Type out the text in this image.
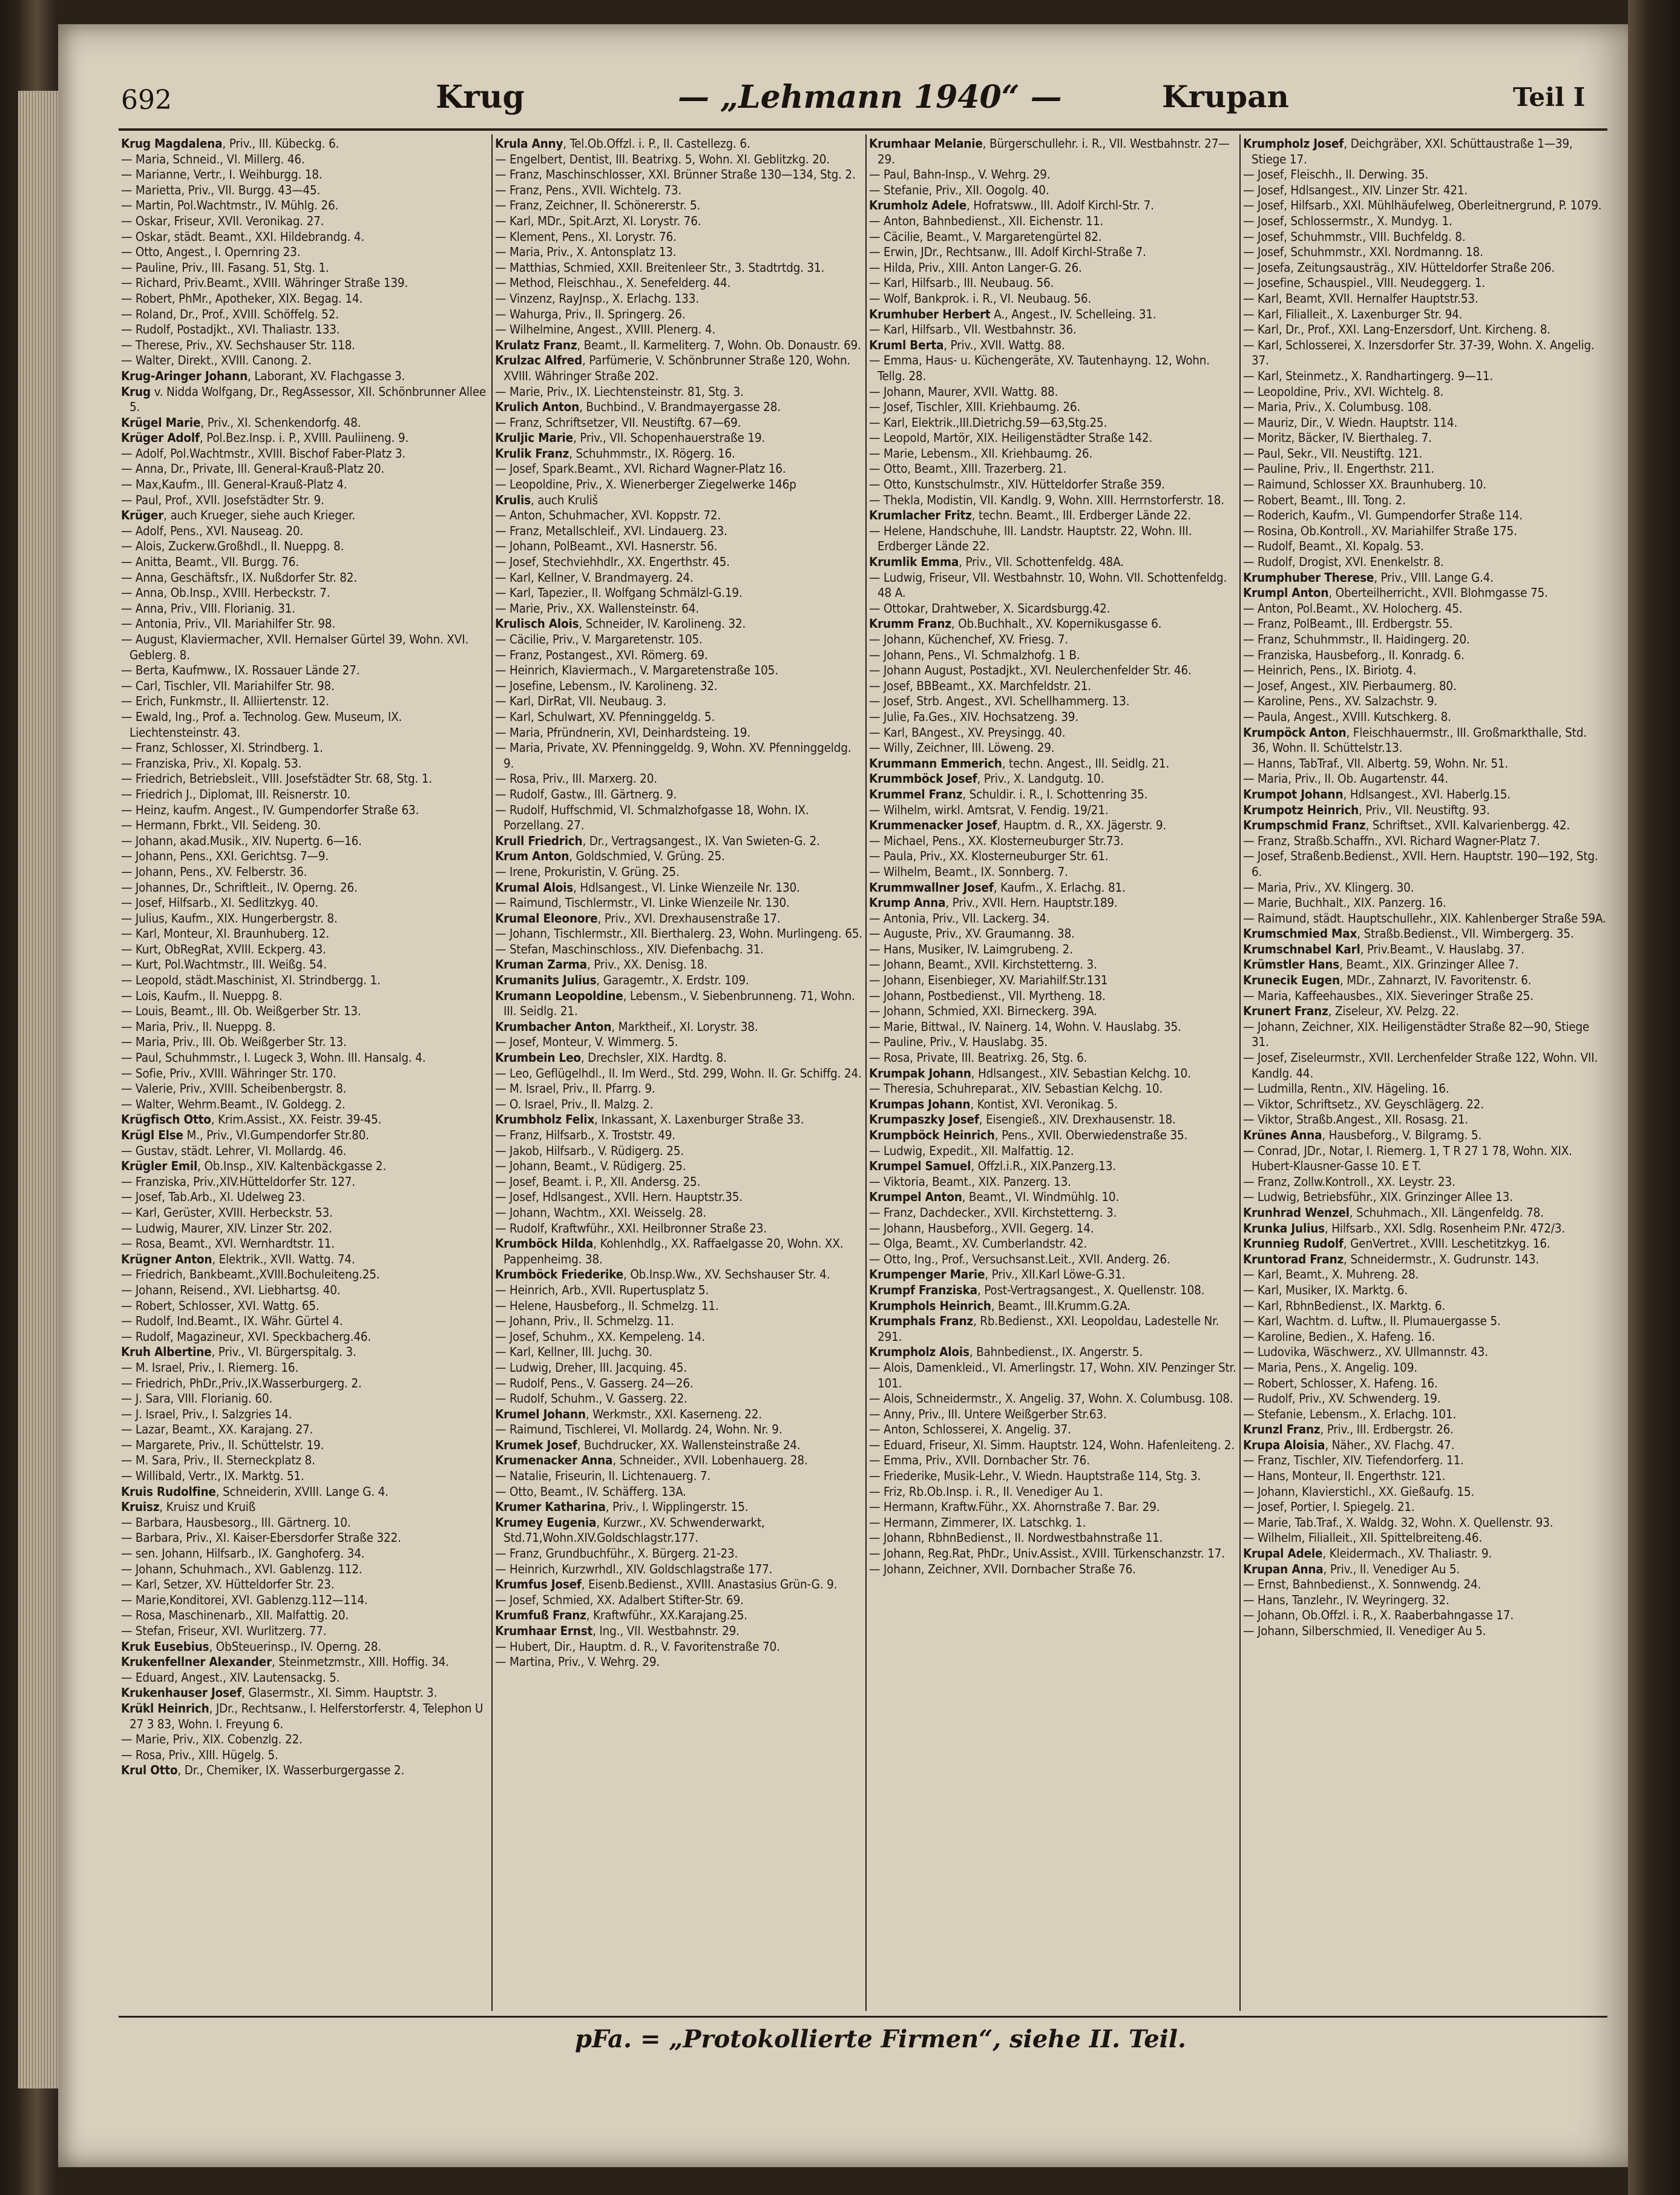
692	Krug	— „Lehmann 1940“ —	Krupan	Teil I
Krug Magdalena, Priv., III. Kübeckg. 6.
— Maria, Schneid., VI. Millerg. 46.
— Marianne, Vertr., I. Weihburgg. 18.
— Marietta, Priv., VII. Burgg. 43—45.
— Martin, Pol.Wachtmstr., IV. Mühlg. 26.
— Oskar, Friseur, XVII. Veronikag. 27.
— Oskar, städt. Beamt., XXI. Hildebrandg. 4.
— Otto, Angest., I. Opernring 23.
— Pauline, Priv., III. Fasang. 51, Stg. 1.
— Richard, Priv.Beamt., XVIII. Währinger Straße 139.
— Robert, PhMr., Apotheker, XIX. Begag. 14.
— Roland, Dr., Prof., XVIII. Schöffelg. 52.
— Rudolf, Postadjkt., XVI. Thaliastr. 133.
— Therese, Priv., XV. Sechshauser Str. 118.
— Walter, Direkt., XVIII. Canong. 2.
Krug-Aringer Johann, Laborant, XV. Flachgasse 3.
Krug v. Nidda Wolfgang, Dr., RegAssessor, XII. Schönbrunner Allee 5.
Krügel Marie, Priv., XI. Schenkendorfg. 48.
Krüger Adolf, Pol.Bez.Insp. i. P., XVIII. Pauliineng. 9.
— Adolf, Pol.Wachtmstr., XVIII. Bischof Faber-Platz 3.
— Anna, Dr., Private, III. General-Krauß-Platz 20.
— Max,Kaufm., III. General-Krauß-Platz 4.
— Paul, Prof., XVII. Josefstädter Str. 9.
Krüger, auch Krueger, siehe auch Krieger.
— Adolf, Pens., XVI. Nauseag. 20.
— Alois, Zuckerw.Großhdl., II. Nueppg. 8.
— Anitta, Beamt., VII. Burgg. 76.
— Anna, Geschäftsfr., IX. Nußdorfer Str. 82.
— Anna, Ob.Insp., XVIII. Herbeckstr. 7.
— Anna, Priv., VIII. Florianig. 31.
— Antonia, Priv., VII. Mariahilfer Str. 98.
— August, Klaviermacher, XVII. Hernalser Gürtel 39, Wohn. XVI. Geblerg. 8.
— Berta, Kaufmww., IX. Rossauer Lände 27.
— Carl, Tischler, VII. Mariahilfer Str. 98.
— Erich, Funkmstr., II. Alliiertenstr. 12.
— Ewald, Ing., Prof. a. Technolog. Gew. Museum, IX. Liechtensteinstr. 43.
— Franz, Schlosser, XI. Strindberg. 1.
— Franziska, Priv., XI. Kopalg. 53.
— Friedrich, Betriebsleit., VIII. Josefstädter Str. 68, Stg. 1.
— Friedrich J., Diplomat, III. Reisnerstr. 10.
— Heinz, kaufm. Angest., IV. Gumpendorfer Straße 63.
— Hermann, Fbrkt., VII. Seideng. 30.
— Johann, akad.Musik., XIV. Nupertg. 6—16.
— Johann, Pens., XXI. Gerichtsg. 7—9.
— Johann, Pens., XV. Felberstr. 36.
— Johannes, Dr., Schriftleit., IV. Operng. 26.
— Josef, Hilfsarb., XI. Sedlitzkyg. 40.
— Julius, Kaufm., XIX. Hungerbergstr. 8.
— Karl, Monteur, XI. Braunhuberg. 12.
— Kurt, ObRegRat, XVIII. Eckperg. 43.
— Kurt, Pol.Wachtmstr., III. Weißg. 54.
— Leopold, städt.Maschinist, XI. Strindbergg. 1.
— Lois, Kaufm., II. Nueppg. 8.
— Louis, Beamt., III. Ob. Weißgerber Str. 13.
— Maria, Priv., II. Nueppg. 8.
— Maria, Priv., III. Ob. Weißgerber Str. 13.
— Paul, Schuhmmstr., I. Lugeck 3, Wohn. III. Hansalg. 4.
— Sofie, Priv., XVIII. Währinger Str. 170.
— Valerie, Priv., XVIII. Scheibenbergstr. 8.
— Walter, Wehrm.Beamt., IV. Goldegg. 2.
Krügfisch Otto, Krim.Assist., XX. Feistr. 39-45.
Krügl Else M., Priv., VI.Gumpendorfer Str.80.
— Gustav, städt. Lehrer, VI. Mollardg. 46.
Krügler Emil, Ob.Insp., XIV. Kaltenbäckgasse 2.
— Franziska, Priv.,XIV.Hütteldorfer Str. 127.
— Josef, Tab.Arb., XI. Udelweg 23.
— Karl, Gerüster, XVIII. Herbeckstr. 53.
— Ludwig, Maurer, XIV. Linzer Str. 202.
— Rosa, Beamt., XVI. Wernhardtstr. 11.
Krügner Anton, Elektrik., XVII. Wattg. 74.
— Friedrich, Bankbeamt.,XVIII.Bochuleiteng.25.
— Johann, Reisend., XVI. Liebhartsg. 40.
— Robert, Schlosser, XVI. Wattg. 65.
— Rudolf, Ind.Beamt., IX. Währ. Gürtel 4.
— Rudolf, Magazineur, XVI. Speckbacherg.46.
Kruh Albertine, Priv., VI. Bürgerspitalg. 3.
— M. Israel, Priv., I. Riemerg. 16.
— Friedrich, PhDr.,Priv.,IX.Wasserburgerg. 2.
— J. Sara, VIII. Florianig. 60.
— J. Israel, Priv., I. Salzgries 14.
— Lazar, Beamt., XX. Karajang. 27.
— Margarete, Priv., II. Schüttelstr. 19.
— M. Sara, Priv., II. Sterneckplatz 8.
— Willibald, Vertr., IX. Marktg. 51.
Kruis Rudolfine, Schneiderin, XVIII. Lange G. 4.
Kruisz, Kruisz und Kruiß
— Barbara, Hausbesorg., III. Gärtnerg. 10.
— Barbara, Priv., XI. Kaiser-Ebersdorfer Straße 322.
— sen. Johann, Hilfsarb., IX. Ganghoferg. 34.
— Johann, Schuhmach., XVI. Gablenzg. 112.
— Karl, Setzer, XV. Hütteldorfer Str. 23.
— Marie,Konditorei, XVI. Gablenzg.112—114.
— Rosa, Maschinenarb., XII. Malfattig. 20.
— Stefan, Friseur, XVI. Wurlitzerg. 77.
Kruk Eusebius, ObSteuerinsp., IV. Operng. 28.
Krukenfellner Alexander, Steinmetzmstr., XIII. Hoffig. 34.
— Eduard, Angest., XIV. Lautensackg. 5.
Krukenhauser Josef, Glasermstr., XI. Simm. Hauptstr. 3.
Krükl Heinrich, JDr., Rechtsanw., I. Helferstorferstr. 4, Telephon U 27 3 83, Wohn. I. Freyung 6.
— Marie, Priv., XIX. Cobenzlg. 22.
— Rosa, Priv., XIII. Hügelg. 5.
Krul Otto, Dr., Chemiker, IX. Wasserburgergasse 2.
Krula Anny, Tel.Ob.Offzl. i. P., II. Castellezg. 6.
— Engelbert, Dentist, III. Beatrixg. 5, Wohn. XI. Geblitzkg. 20.
— Franz, Maschinschlosser, XXI. Brünner Straße 130—134, Stg. 2.
— Franz, Pens., XVII. Wichtelg. 73.
— Franz, Zeichner, II. Schönererstr. 5.
— Karl, MDr., Spit.Arzt, XI. Lorystr. 76.
— Klement, Pens., XI. Lorystr. 76.
— Maria, Priv., X. Antonsplatz 13.
— Matthias, Schmied, XXII. Breitenleer Str., 3. Stadtrtdg. 31.
— Method, Fleischhau., X. Senefelderg. 44.
— Vinzenz, RayJnsp., X. Erlachg. 133.
— Wahurga, Priv., II. Springerg. 26.
— Wilhelmine, Angest., XVIII. Plenerg. 4.
Krulatz Franz, Beamt., II. Karmeliterg. 7, Wohn. Ob. Donaustr. 69.
Krulzac Alfred, Parfümerie, V. Schönbrunner Straße 120, Wohn. XVIII. Währinger Straße 202.
— Marie, Priv., IX. Liechtensteinstr. 81, Stg. 3.
Krulich Anton, Buchbind., V. Brandmayergasse 28.
— Franz, Schriftsetzer, VII. Neustiftg. 67—69.
Kruljic Marie, Priv., VII. Schopenhauerstraße 19.
Krulik Franz, Schuhmmstr., IX. Rögerg. 16.
— Josef, Spark.Beamt., XVI. Richard Wagner-Platz 16.
— Leopoldine, Priv., X. Wienerberger Ziegelwerke 146p
Krulis, auch Kruliš
— Anton, Schuhmacher, XVI. Koppstr. 72.
— Franz, Metallschleif., XVI. Lindauerg. 23.
— Johann, PolBeamt., XVI. Hasnerstr. 56.
— Josef, Stechviehhdlr., XX. Engerthstr. 45.
— Karl, Kellner, V. Brandmayerg. 24.
— Karl, Tapezier., II. Wolfgang Schmälzl-G.19.
— Marie, Priv., XX. Wallensteinstr. 64.
Krulisch Alois, Schneider, IV. Karolineng. 32.
— Cäcilie, Priv., V. Margaretenstr. 105.
— Franz, Postangest., XVI. Römerg. 69.
— Heinrich, Klaviermach., V. Margaretenstraße 105.
— Josefine, Lebensm., IV. Karolineng. 32.
— Karl, DirRat, VII. Neubaug. 3.
— Karl, Schulwart, XV. Pfenninggeldg. 5.
— Maria, Pfründnerin, XVI, Deinhardsteing. 19.
— Maria, Private, XV. Pfenninggeldg. 9, Wohn. XV. Pfenninggeldg. 9.
— Rosa, Priv., III. Marxerg. 20.
— Rudolf, Gastw., III. Gärtnerg. 9.
— Rudolf, Huffschmid, VI. Schmalzhofgasse 18, Wohn. IX. Porzellang. 27.
Krull Friedrich, Dr., Vertragsangest., IX. Van Swieten-G. 2.
Krum Anton, Goldschmied, V. Grüng. 25.
— Irene, Prokuristin, V. Grüng. 25.
Krumal Alois, Hdlsangest., VI. Linke Wienzeile Nr. 130.
— Raimund, Tischlermstr., VI. Linke Wienzeile Nr. 130.
Krumal Eleonore, Priv., XVI. Drexhausenstraße 17.
— Johann, Tischlermstr., XII. Bierthalerg. 23, Wohn. Murlingeng. 65.
— Stefan, Maschinschloss., XIV. Diefenbachg. 31.
Kruman Zarma, Priv., XX. Denisg. 18.
Krumanits Julius, Garagemtr., X. Erdstr. 109.
Krumann Leopoldine, Lebensm., V. Siebenbrunneng. 71, Wohn. III. Seidlg. 21.
Krumbacher Anton, Marktheif., XI. Lorystr. 38.
— Josef, Monteur, V. Wimmerg. 5.
Krumbein Leo, Drechsler, XIX. Hardtg. 8.
— Leo, Geflügelhdl., II. Im Werd., Std. 299, Wohn. II. Gr. Schiffg. 24.
— M. Israel, Priv., II. Pfarrg. 9.
— O. Israel, Priv., II. Malzg. 2.
Krumbholz Felix, Inkassant, X. Laxenburger Straße 33.
— Franz, Hilfsarb., X. Troststr. 49.
— Jakob, Hilfsarb., V. Rüdigerg. 25.
— Johann, Beamt., V. Rüdigerg. 25.
— Josef, Beamt. i. P., XII. Andersg. 25.
— Josef, Hdlsangest., XVII. Hern. Hauptstr.35.
— Johann, Wachtm., XXI. Weisselg. 28.
— Rudolf, Kraftwführ., XXI. Heilbronner Straße 23.
Krumböck Hilda, Kohlenhdlg., XX. Raffaelgasse 20, Wohn. XX. Pappenheimg. 38.
Krumböck Friederike, Ob.Insp.Ww., XV. Sechshauser Str. 4.
— Heinrich, Arb., XVII. Rupertusplatz 5.
— Helene, Hausbeforg., II. Schmelzg. 11.
— Johann, Priv., II. Schmelzg. 11.
— Josef, Schuhm., XX. Kempeleng. 14.
— Karl, Kellner, III. Juchg. 30.
— Ludwig, Dreher, III. Jacquing. 45.
— Rudolf, Pens., V. Gasserg. 24—26.
— Rudolf, Schuhm., V. Gasserg. 22.
Krumel Johann, Werkmstr., XXI. Kaserneng. 22.
— Raimund, Tischlerei, VI. Mollardg. 24, Wohn. Nr. 9.
Krumek Josef, Buchdrucker, XX. Wallensteinstraße 24.
Krumenacker Anna, Schneider., XVII. Lobenhauerg. 28.
— Natalie, Friseurin, II. Lichtenauerg. 7.
— Otto, Beamt., IV. Schäfferg. 13A.
Krumer Katharina, Priv., I. Wipplingerstr. 15.
Krumey Eugenia, Kurzwr., XV. Schwenderwarkt, Std.71,Wohn.XIV.Goldschlagstr.177.
— Franz, Grundbuchführ., X. Bürgerg. 21-23.
— Heinrich, Kurzwrhdl., XIV. Goldschlagstraße 177.
Krumfus Josef, Eisenb.Bedienst., XVIII. Anastasius Grün-G. 9.
— Josef, Schmied, XX. Adalbert Stifter-Str. 69.
Krumfuß Franz, Kraftwführ., XX.Karajang.25.
Krumhaar Ernst, Ing., VII. Westbahnstr. 29.
— Hubert, Dir., Hauptm. d. R., V. Favoritenstraße 70.
— Martina, Priv., V. Wehrg. 29.
Krumhaar Melanie, Bürgerschullehr. i. R., VII. Westbahnstr. 27—29.
— Paul, Bahn-Insp., V. Wehrg. 29.
— Stefanie, Priv., XII. Oogolg. 40.
Krumholz Adele, Hofratsww., III. Adolf Kirchl-Str. 7.
— Anton, Bahnbedienst., XII. Eichenstr. 11.
— Cäcilie, Beamt., V. Margaretengürtel 82.
— Erwin, JDr., Rechtsanw., III. Adolf Kirchl-Straße 7.
— Hilda, Priv., XIII. Anton Langer-G. 26.
— Karl, Hilfsarb., III. Neubaug. 56.
— Wolf, Bankprok. i. R., VI. Neubaug. 56.
Krumhuber Herbert A., Angest., IV. Schelleing. 31.
— Karl, Hilfsarb., VII. Westbahnstr. 36.
Kruml Berta, Priv., XVII. Wattg. 88.
— Emma, Haus- u. Küchengeräte, XV. Tautenhayng. 12, Wohn. Tellg. 28.
— Johann, Maurer, XVII. Wattg. 88.
— Josef, Tischler, XIII. Kriehbaumg. 26.
— Karl, Elektrik.,III.Dietrichg.59—63,Stg.25.
— Leopold, Martör, XIX. Heiligenstädter Straße 142.
— Marie, Lebensm., XII. Kriehbaumg. 26.
— Otto, Beamt., XIII. Trazerberg. 21.
— Otto, Kunstschulmstr., XIV. Hütteldorfer Straße 359.
— Thekla, Modistin, VII. Kandlg. 9, Wohn. XIII. Herrnstorferstr. 18.
Krumlacher Fritz, techn. Beamt., III. Erdberger Lände 22.
— Helene, Handschuhe, III. Landstr. Hauptstr. 22, Wohn. III. Erdberger Lände 22.
Krumlik Emma, Priv., VII. Schottenfeldg. 48A.
— Ludwig, Friseur, VII. Westbahnstr. 10, Wohn. VII. Schottenfeldg. 48 A.
— Ottokar, Drahtweber, X. Sicardsburgg.42.
Krumm Franz, Ob.Buchhalt., XV. Kopernikusgasse 6.
— Johann, Küchenchef, XV. Friesg. 7.
— Johann, Pens., VI. Schmalzhofg. 1 B.
— Johann August, Postadjkt., XVI. Neulerchenfelder Str. 46.
— Josef, BBBeamt., XX. Marchfeldstr. 21.
— Josef, Strb. Angest., XVI. Schellhammerg. 13.
— Julie, Fa.Ges., XIV. Hochsatzeng. 39.
— Karl, BAngest., XV. Preysingg. 40.
— Willy, Zeichner, III. Löweng. 29.
Krummann Emmerich, techn. Angest., III. Seidlg. 21.
Krummböck Josef, Priv., X. Landgutg. 10.
Krummel Franz, Schuldir. i. R., I. Schottenring 35.
— Wilhelm, wirkl. Amtsrat, V. Fendig. 19/21.
Krummenacker Josef, Hauptm. d. R., XX. Jägerstr. 9.
— Michael, Pens., XX. Klosterneuburger Str.73.
— Paula, Priv., XX. Klosterneuburger Str. 61.
— Wilhelm, Beamt., IX. Sonnberg. 7.
Krummwallner Josef, Kaufm., X. Erlachg. 81.
Krump Anna, Priv., XVII. Hern. Hauptstr.189.
— Antonia, Priv., VII. Lackerg. 34.
— Auguste, Priv., XV. Graumanng. 38.
— Hans, Musiker, IV. Laimgrubeng. 2.
— Johann, Beamt., XVII. Kirchstetterng. 3.
— Johann, Eisenbieger, XV. Mariahilf.Str.131
— Johann, Postbedienst., VII. Myrtheng. 18.
— Johann, Schmied, XXI. Birneckerg. 39A.
— Marie, Bittwal., IV. Nainerg. 14, Wohn. V. Hauslabg. 35.
— Pauline, Priv., V. Hauslabg. 35.
— Rosa, Private, III. Beatrixg. 26, Stg. 6.
Krumpak Johann, Hdlsangest., XIV. Sebastian Kelchg. 10.
— Theresia, Schuhreparat., XIV. Sebastian Kelchg. 10.
Krumpas Johann, Kontist, XVI. Veronikag. 5.
Krumpaszky Josef, Eisengieß., XIV. Drexhausenstr. 18.
Krumpböck Heinrich, Pens., XVII. Oberwiedenstraße 35.
— Ludwig, Expedit., XII. Malfattig. 12.
Krumpel Samuel, Offzl.i.R., XIX.Panzerg.13.
— Viktoria, Beamt., XIX. Panzerg. 13.
Krumpel Anton, Beamt., VI. Windmühlg. 10.
— Franz, Dachdecker., XVII. Kirchstetterng. 3.
— Johann, Hausbeforg., XVII. Gegerg. 14.
— Olga, Beamt., XV. Cumberlandstr. 42.
— Otto, Ing., Prof., Versuchsanst.Leit., XVII. Anderg. 26.
Krumpenger Marie, Priv., XII.Karl Löwe-G.31.
Krumpf Franziska, Post-Vertragsangest., X. Quellenstr. 108.
Krumphols Heinrich, Beamt., III.Krumm.G.2A.
Krumphals Franz, Rb.Bedienst., XXI. Leopoldau, Ladestelle Nr. 291.
Krumpholz Alois, Bahnbedienst., IX. Angerstr. 5.
— Alois, Damenkleid., VI. Amerlingstr. 17, Wohn. XIV. Penzinger Str. 101.
— Alois, Schneidermstr., X. Angelig. 37, Wohn. X. Columbusg. 108.
— Anny, Priv., III. Untere Weißgerber Str.63.
— Anton, Schlosserei, X. Angelig. 37.
— Eduard, Friseur, XI. Simm. Hauptstr. 124, Wohn. Hafenleiteng. 2.
— Emma, Priv., XVII. Dornbacher Str. 76.
— Friederike, Musik-Lehr., V. Wiedn. Hauptstraße 114, Stg. 3.
— Friz, Rb.Ob.Insp. i. R., II. Venediger Au 1.
— Hermann, Kraftw.Führ., XX. Ahornstraße 7. Bar. 29.
— Hermann, Zimmerer, IX. Latschkg. 1.
— Johann, RbhnBedienst., II. Nordwestbahnstraße 11.
— Johann, Reg.Rat, PhDr., Univ.Assist., XVIII. Türkenschanzstr. 17.
— Johann, Zeichner, XVII. Dornbacher Straße 76.
Krumpholz Josef, Deichgräber, XXI. Schüttaustraße 1—39, Stiege 17.
— Josef, Fleischh., II. Derwing. 35.
— Josef, Hdlsangest., XIV. Linzer Str. 421.
— Josef, Hilfsarb., XXI. Mühlhäufelweg, Oberleitnergrund, P. 1079.
— Josef, Schlossermstr., X. Mundyg. 1.
— Josef, Schuhmmstr., VIII. Buchfeldg. 8.
— Josef, Schuhmmstr., XXI. Nordmanng. 18.
— Josefa, Zeitungsausträg., XIV. Hütteldorfer Straße 206.
— Josefine, Schauspiel., VIII. Neudeggerg. 1.
— Karl, Beamt, XVII. Hernalfer Hauptstr.53.
— Karl, Filialleit., X. Laxenburger Str. 94.
— Karl, Dr., Prof., XXI. Lang-Enzersdorf, Unt. Kircheng. 8.
— Karl, Schlosserei, X. Inzersdorfer Str. 37-39, Wohn. X. Angelig. 37.
— Karl, Steinmetz., X. Randhartingerg. 9—11.
— Leopoldine, Priv., XVI. Wichtelg. 8.
— Maria, Priv., X. Columbusg. 108.
— Mauriz, Dir., V. Wiedn. Hauptstr. 114.
— Moritz, Bäcker, IV. Bierthaleg. 7.
— Paul, Sekr., VII. Neustiftg. 121.
— Pauline, Priv., II. Engerthstr. 211.
— Raimund, Schlosser XX. Braunhuberg. 10.
— Robert, Beamt., III. Tong. 2.
— Roderich, Kaufm., VI. Gumpendorfer Straße 114.
— Rosina, Ob.Kontroll., XV. Mariahilfer Straße 175.
— Rudolf, Beamt., XI. Kopalg. 53.
— Rudolf, Drogist, XVI. Enenkelstr. 8.
Krumphuber Therese, Priv., VIII. Lange G.4.
Krumpl Anton, Oberteilherricht., XVII. Blohmgasse 75.
— Anton, Pol.Beamt., XV. Holocherg. 45.
— Franz, PolBeamt., III. Erdbergstr. 55.
— Franz, Schuhmmstr., II. Haidingerg. 20.
— Franziska, Hausbeforg., II. Konradg. 6.
— Heinrich, Pens., IX. Biriotg. 4.
— Josef, Angest., XIV. Pierbaumerg. 80.
— Karoline, Pens., XV. Salzachstr. 9.
— Paula, Angest., XVIII. Kutschkerg. 8.
Krumpöck Anton, Fleischhauermstr., III. Großmarkthalle, Std. 36, Wohn. II. Schüttelstr.13.
— Hanns, TabTraf., VII. Albertg. 59, Wohn. Nr. 51.
— Maria, Priv., II. Ob. Augartenstr. 44.
Krumpot Johann, Hdlsangest., XVI. Haberlg.15.
Krumpotz Heinrich, Priv., VII. Neustiftg. 93.
Krumpschmid Franz, Schriftset., XVII. Kalvarienbergg. 42.
— Franz, Straßb.Schaffn., XVI. Richard Wagner-Platz 7.
— Josef, Straßenb.Bedienst., XVII. Hern. Hauptstr. 190—192, Stg. 6.
— Maria, Priv., XV. Klingerg. 30.
— Marie, Buchhalt., XIX. Panzerg. 16.
— Raimund, städt. Hauptschullehr., XIX. Kahlenberger Straße 59A.
Krumschmied Max, Straßb.Bedienst., VII. Wimbergerg. 35.
Krumschnabel Karl, Priv.Beamt., V. Hauslabg. 37.
Krümstler Hans, Beamt., XIX. Grinzinger Allee 7.
Krunecik Eugen, MDr., Zahnarzt, IV. Favoritenstr. 6.
— Maria, Kaffeehausbes., XIX. Sieveringer Straße 25.
Krunert Franz, Ziseleur, XV. Pelzg. 22.
— Johann, Zeichner, XIX. Heiligenstädter Straße 82—90, Stiege 31.
— Josef, Ziseleurmstr., XVII. Lerchenfelder Straße 122, Wohn. VII. Kandlg. 44.
— Ludmilla, Rentn., XIV. Hägeling. 16.
— Viktor, Schriftsetz., XV. Geyschlägerg. 22.
— Viktor, Straßb.Angest., XII. Rosasg. 21.
Krünes Anna, Hausbeforg., V. Bilgramg. 5.
— Conrad, JDr., Notar, I. Riemerg. 1, T R 27 1 78, Wohn. XIX. Hubert-Klausner-Gasse 10. E T.
— Franz, Zollw.Kontroll., XX. Leystr. 23.
— Ludwig, Betriebsführ., XIX. Grinzinger Allee 13.
Krunhrad Wenzel, Schuhmach., XII. Längenfeldg. 78.
Krunka Julius, Hilfsarb., XXI. Sdlg. Rosenheim P.Nr. 472/3.
Krunnieg Rudolf, GenVertret., XVIII. Leschetitzkyg. 16.
Kruntorad Franz, Schneidermstr., X. Gudrunstr. 143.
— Karl, Beamt., X. Muhreng. 28.
— Karl, Musiker, IX. Marktg. 6.
— Karl, RbhnBedienst., IX. Marktg. 6.
— Karl, Wachtm. d. Luftw., II. Plumauergasse 5.
— Karoline, Bedien., X. Hafeng. 16.
— Ludovika, Wäschwerz., XV. Ullmannstr. 43.
— Maria, Pens., X. Angelig. 109.
— Robert, Schlosser, X. Hafeng. 16.
— Rudolf, Priv., XV. Schwenderg. 19.
— Stefanie, Lebensm., X. Erlachg. 101.
Krunzl Franz, Priv., III. Erdbergstr. 26.
Krupa Aloisia, Näher., XV. Flachg. 47.
— Franz, Tischler, XIV. Tiefendorferg. 11.
— Hans, Monteur, II. Engerthstr. 121.
— Johann, Klavierstichl., XX. Gießaufg. 15.
— Josef, Portier, I. Spiegelg. 21.
— Marie, Tab.Traf., X. Waldg. 32, Wohn. X. Quellenstr. 93.
— Wilhelm, Filialleit., XII. Spittelbreiteng.46.
Krupal Adele, Kleidermach., XV. Thaliastr. 9.
Krupan Anna, Priv., II. Venediger Au 5.
— Ernst, Bahnbedienst., X. Sonnwendg. 24.
— Hans, Tanzlehr., IV. Weyringerg. 32.
— Johann, Ob.Offzl. i. R., X. Raaberbahngasse 17.
— Johann, Silberschmied, II. Venediger Au 5.
pFa. = „Protokollierte Firmen“, siehe II. Teil.
